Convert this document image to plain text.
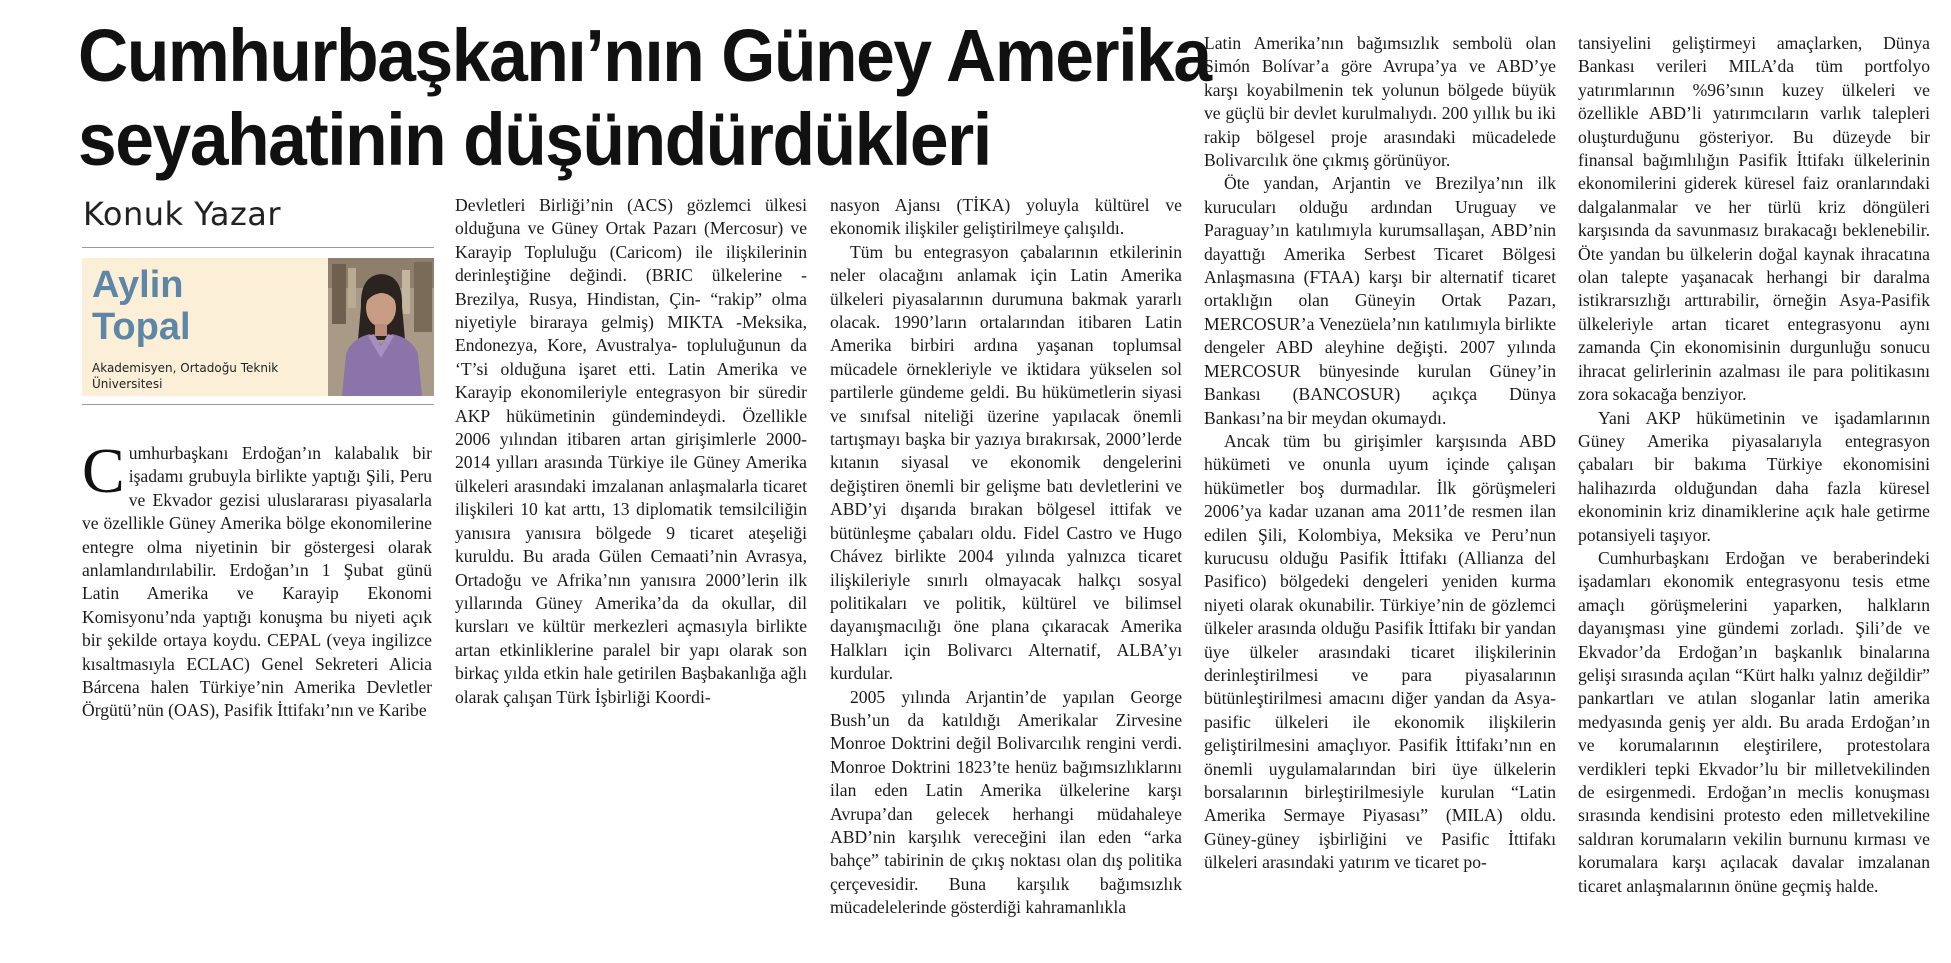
Cumhurbaşkanı’nın Güney Amerika
seyahatinin düşündürdükleri
Konuk Yazar
Aylin
Topal
Akademisyen, Ortadoğu Teknik Üniversitesi

Cumhurbaşkanı Erdoğan’ın kalabalık bir işadamı grubuyla birlikte yaptığı Şili, Peru ve Ekvador gezisi uluslararası piyasalarla ve özellikle Güney Amerika bölge ekonomilerine entegre olma niyetinin bir göstergesi olarak anlamlandırılabilir. Erdoğan’ın 1 Şubat günü Latin Amerika ve Karayip Ekonomi Komisyonu’nda yaptığı konuşma bu niyeti açık bir şekilde ortaya koydu. CEPAL (veya ingilizce kısaltmasıyla ECLAC) Genel Sekreteri Alicia Bárcena halen Türkiye’nin Amerika Devletler Örgütü’nün (OAS), Pasifik İttifakı’nın ve Karibe

Devletleri Birliği’nin (ACS) gözlemci ülkesi olduğuna ve Güney Ortak Pazarı (Mercosur) ve Karayip Topluluğu (Caricom) ile ilişkilerinin derinleştiğine değindi. (BRIC ülkelerine -Brezilya, Rusya, Hindistan, Çin- “rakip” olma niyetiyle biraraya gelmiş) MIKTA -Meksika, Endonezya, Kore, Avustralya- topluluğunun da ‘T’si olduğuna işaret etti. Latin Amerika ve Karayip ekonomileriyle entegrasyon bir süredir AKP hükümetinin gündemindeydi. Özellikle 2006 yılından itibaren artan girişimlerle 2000-2014 yılları arasında Türkiye ile Güney Amerika ülkeleri arasındaki imzalanan anlaşmalarla ticaret ilişkileri 10 kat arttı, 13 diplomatik temsilciliğin yanısıra yanısıra bölgede 9 ticaret ateşeliği kuruldu. Bu arada Gülen Cemaati’nin Avrasya, Ortadoğu ve Afrika’nın yanısıra 2000’lerin ilk yıllarında Güney Amerika’da da okullar, dil kursları ve kültür merkezleri açmasıyla birlikte artan etkinliklerine paralel bir yapı olarak son birkaç yılda etkin hale getirilen Başbakanlığa ağlı olarak çalışan Türk İşbirliği Koordi-

nasyon Ajansı (TİKA) yoluyla kültürel ve ekonomik ilişkiler geliştirilmeye çalışıldı.

Tüm bu entegrasyon çabalarının etkilerinin neler olacağını anlamak için Latin Amerika ülkeleri piyasalarının durumuna bakmak yararlı olacak. 1990’ların ortalarından itibaren Latin Amerika birbiri ardına yaşanan toplumsal mücadele örnekleriyle ve iktidara yükselen sol partilerle gündeme geldi. Bu hükümetlerin siyasi ve sınıfsal niteliği üzerine yapılacak önemli tartışmayı başka bir yazıya bırakırsak, 2000’lerde kıtanın siyasal ve ekonomik dengelerini değiştiren önemli bir gelişme batı devletlerini ve ABD’yi dışarıda bırakan bölgesel ittifak ve bütünleşme çabaları oldu. Fidel Castro ve Hugo Chávez birlikte 2004 yılında yalnızca ticaret ilişkileriyle sınırlı olmayacak halkçı sosyal politikaları ve politik, kültürel ve bilimsel dayanışmacılığı öne plana çıkaracak Amerika Halkları için Bolivarcı Alternatif, ALBA’yı kurdular.

2005 yılında Arjantin’de yapılan George Bush’un da katıldığı Amerikalar Zirvesine Monroe Doktrini değil Bolivarcılık rengini verdi. Monroe Doktrini 1823’te henüz bağımsızlıklarını ilan eden Latin Amerika ülkelerine karşı Avrupa’dan gelecek herhangi müdahaleye ABD’nin karşılık vereceğini ilan eden “arka bahçe” tabirinin de çıkış noktası olan dış politika çerçevesidir. Buna karşılık bağımsızlık mücadelelerinde gösterdiği kahramanlıkla

Latin Amerika’nın bağımsızlık sembolü olan Simón Bolívar’a göre Avrupa’ya ve ABD’ye karşı koyabilmenin tek yolunun bölgede büyük ve güçlü bir devlet kurulmalıydı. 200 yıllık bu iki rakip bölgesel proje arasındaki mücadelede Bolivarcılık öne çıkmış görünüyor.

Öte yandan, Arjantin ve Brezilya’nın ilk kurucuları olduğu ardından Uruguay ve Paraguay’ın katılımıyla kurumsallaşan, ABD’nin dayattığı Amerika Serbest Ticaret Bölgesi Anlaşmasına (FTAA) karşı bir alternatif ticaret ortaklığın olan Güneyin Ortak Pazarı, MERCOSUR’a Venezüela’nın katılımıyla birlikte dengeler ABD aleyhine değişti. 2007 yılında MERCOSUR bünyesinde kurulan Güney’in Bankası (BANCOSUR) açıkça Dünya Bankası’na bir meydan okumaydı.

Ancak tüm bu girişimler karşısında ABD hükümeti ve onunla uyum içinde çalışan hükümetler boş durmadılar. İlk görüşmeleri 2006’ya kadar uzanan ama 2011’de resmen ilan edilen Şili, Kolombiya, Meksika ve Peru’nun kurucusu olduğu Pasifik İttifakı (Allianza del Pasifico) bölgedeki dengeleri yeniden kurma niyeti olarak okunabilir. Türkiye’nin de gözlemci ülkeler arasında olduğu Pasifik İttifakı bir yandan üye ülkeler arasındaki ticaret ilişkilerinin derinleştirilmesi ve para piyasalarının bütünleştirilmesi amacını diğer yandan da Asya-pasific ülkeleri ile ekonomik ilişkilerin geliştirilmesini amaçlıyor. Pasifik İttifakı’nın en önemli uygulamalarından biri üye ülkelerin borsalarının birleştirilmesiyle kurulan “Latin Amerika Sermaye Piyasası” (MILA) oldu. Güney-güney işbirliğini ve Pasific İttifakı ülkeleri arasındaki yatırım ve ticaret po-

tansiyelini geliştirmeyi amaçlarken, Dünya Bankası verileri MILA’da tüm portfolyo yatırımlarının %96’sının kuzey ülkeleri ve özellikle ABD’li yatırımcıların varlık talepleri oluşturduğunu gösteriyor. Bu düzeyde bir finansal bağımlılığın Pasifik İttifakı ülkelerinin ekonomilerini giderek küresel faiz oranlarındaki dalgalanmalar ve her türlü kriz döngüleri karşısında da savunmasız bırakacağı beklenebilir. Öte yandan bu ülkelerin doğal kaynak ihracatına olan talepte yaşanacak herhangi bir daralma istikrarsızlığı arttırabilir, örneğin Asya-Pasifik ülkeleriyle artan ticaret entegrasyonu aynı zamanda Çin ekonomisinin durgunluğu sonucu ihracat gelirlerinin azalması ile para politikasını zora sokacağa benziyor.

Yani AKP hükümetinin ve işadamlarının Güney Amerika piyasalarıyla entegrasyon çabaları bir bakıma Türkiye ekonomisini halihazırda olduğundan daha fazla küresel ekonominin kriz dinamiklerine açık hale getirme potansiyeli taşıyor.

Cumhurbaşkanı Erdoğan ve beraberindeki işadamları ekonomik entegrasyonu tesis etme amaçlı görüşmelerini yaparken, halkların dayanışması yine gündemi zorladı. Şili’de ve Ekvador’da Erdoğan’ın başkanlık binalarına gelişi sırasında açılan “Kürt halkı yalnız değildir” pankartları ve atılan sloganlar latin amerika medyasında geniş yer aldı. Bu arada Erdoğan’ın ve korumalarının eleştirilere, protestolara verdikleri tepki Ekvador’lu bir milletvekilinden de esirgenmedi. Erdoğan’ın meclis konuşması sırasında kendisini protesto eden milletvekiline saldıran korumaların vekilin burnunu kırması ve korumalara karşı açılacak davalar imzalanan ticaret anlaşmalarının önüne geçmiş halde.
